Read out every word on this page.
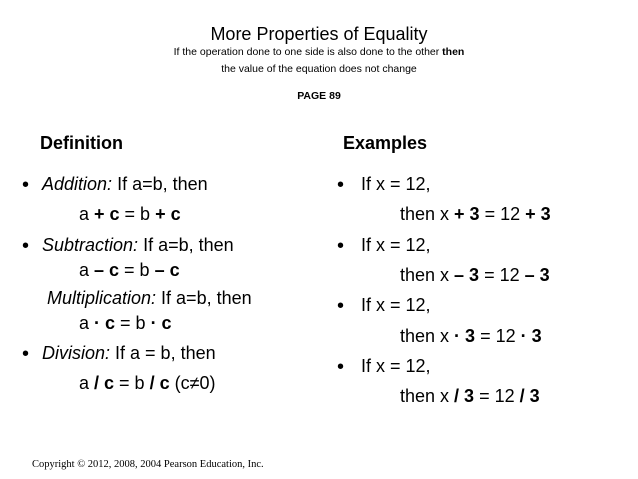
More Properties of Equality
If the operation done to one side is also done to the other then
the value of the equation does not change
PAGE 89
Definition	Examples
• Addition: If a=b, then
a + c = b + c
• Subtraction: If a=b, then
a – c = b – c
Multiplication: If a=b, then
a · c = b · c
• Division: If a = b, then
a / c = b / c (c≠0)
• If x = 12,
then x + 3 = 12 + 3
• If x = 12,
then x – 3 = 12 – 3
• If x = 12,
then x · 3 = 12 · 3
• If x = 12,
then x / 3 = 12 / 3
Copyright © 2012, 2008, 2004 Pearson Education, Inc.
